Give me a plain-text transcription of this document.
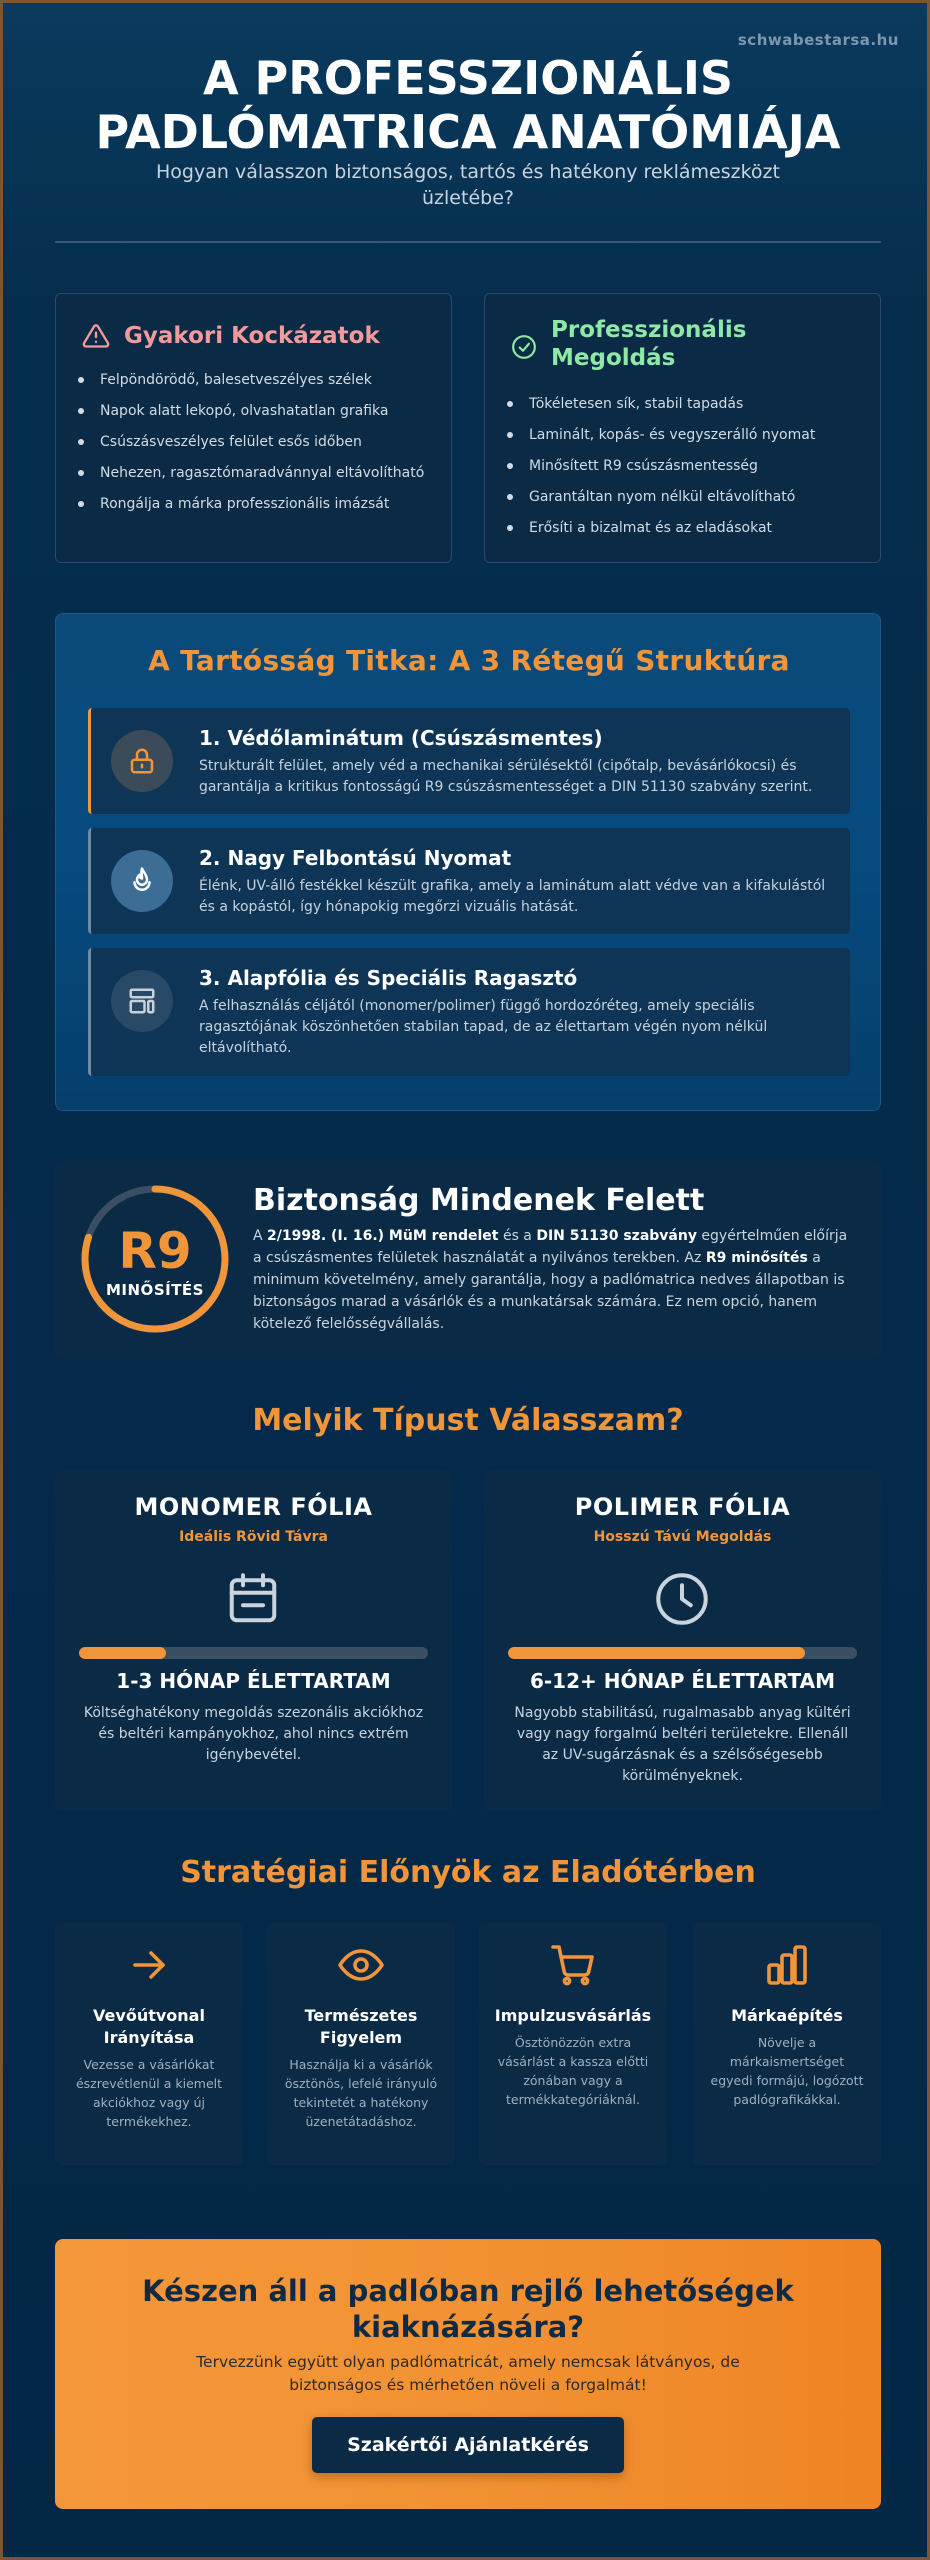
schwabestarsa.hu
A PROFESSZIONÁLIS
PADLÓMATRICA ANATÓMIÁJA
Hogyan válasszon biztonságos, tartós és hatékony reklámeszközt üzletébe?
Gyakori Kockázatok
Felpöndörödő, balesetveszélyes szélek
Napok alatt lekopó, olvashatatlan grafika
Csúszásveszélyes felület esős időben
Nehezen, ragasztómaradvánnyal eltávolítható
Rongálja a márka professzionális imázsát
Professzionális Megoldás
Tökéletesen sík, stabil tapadás
Laminált, kopás- és vegyszerálló nyomat
Minősített R9 csúszásmentesség
Garantáltan nyom nélkül eltávolítható
Erősíti a bizalmat és az eladásokat
A Tartósság Titka: A 3 Rétegű Struktúra
1. Védőlaminátum (Csúszásmentes)
Strukturált felület, amely véd a mechanikai sérülésektől (cipőtalp, bevásárlókocsi) és garantálja a kritikus fontosságú R9 csúszásmentességet a DIN 51130 szabvány szerint.
2. Nagy Felbontású Nyomat
Élénk, UV-álló festékkel készült grafika, amely a laminátum alatt védve van a kifakulástól és a kopástól, így hónapokig megőrzi vizuális hatását.
3. Alapfólia és Speciális Ragasztó
A felhasználás céljától (monomer/polimer) függő hordozóréteg, amely speciális ragasztójának köszönhetően stabilan tapad, de az élettartam végén nyom nélkül eltávolítható.
R9
MINŐSÍTÉS
Biztonság Mindenek Felett
A 2/1998. (I. 16.) MüM rendelet és a DIN 51130 szabvány egyértelműen előírja a csúszásmentes felületek használatát a nyilvános terekben. Az R9 minősítés a minimum követelmény, amely garantálja, hogy a padlómatrica nedves állapotban is biztonságos marad a vásárlók és a munkatársak számára. Ez nem opció, hanem kötelező felelősségvállalás.
Melyik Típust Válasszam?
MONOMER FÓLIA
Ideális Rövid Távra
1-3 HÓNAP ÉLETTARTAM
Költséghatékony megoldás szezonális akciókhoz és beltéri kampányokhoz, ahol nincs extrém igénybevétel.
POLIMER FÓLIA
Hosszú Távú Megoldás
6-12+ HÓNAP ÉLETTARTAM
Nagyobb stabilitású, rugalmasabb anyag kültéri vagy nagy forgalmú beltéri területekre. Ellenáll az UV-sugárzásnak és a szélsőségesebb körülményeknek.
Stratégiai Előnyök az Eladótérben
Vevőútvonal Irányítása
Vezesse a vásárlókat észrevétlenül a kiemelt akciókhoz vagy új termékekhez.
Természetes Figyelem
Használja ki a vásárlók ösztönös, lefelé irányuló tekintetét a hatékony üzenetátadáshoz.
Impulzusvásárlás
Ösztönözzön extra vásárlást a kassza előtti zónában vagy a termékkategóriáknál.
Márkaépítés
Növelje a márkaismertséget egyedi formájú, logózott padlógrafikákkal.
Készen áll a padlóban rejlő lehetőségek kiaknázására?
Tervezzünk együtt olyan padlómatricát, amely nemcsak látványos, de biztonságos és mérhetően növeli a forgalmát!
Szakértői Ajánlatkérés
